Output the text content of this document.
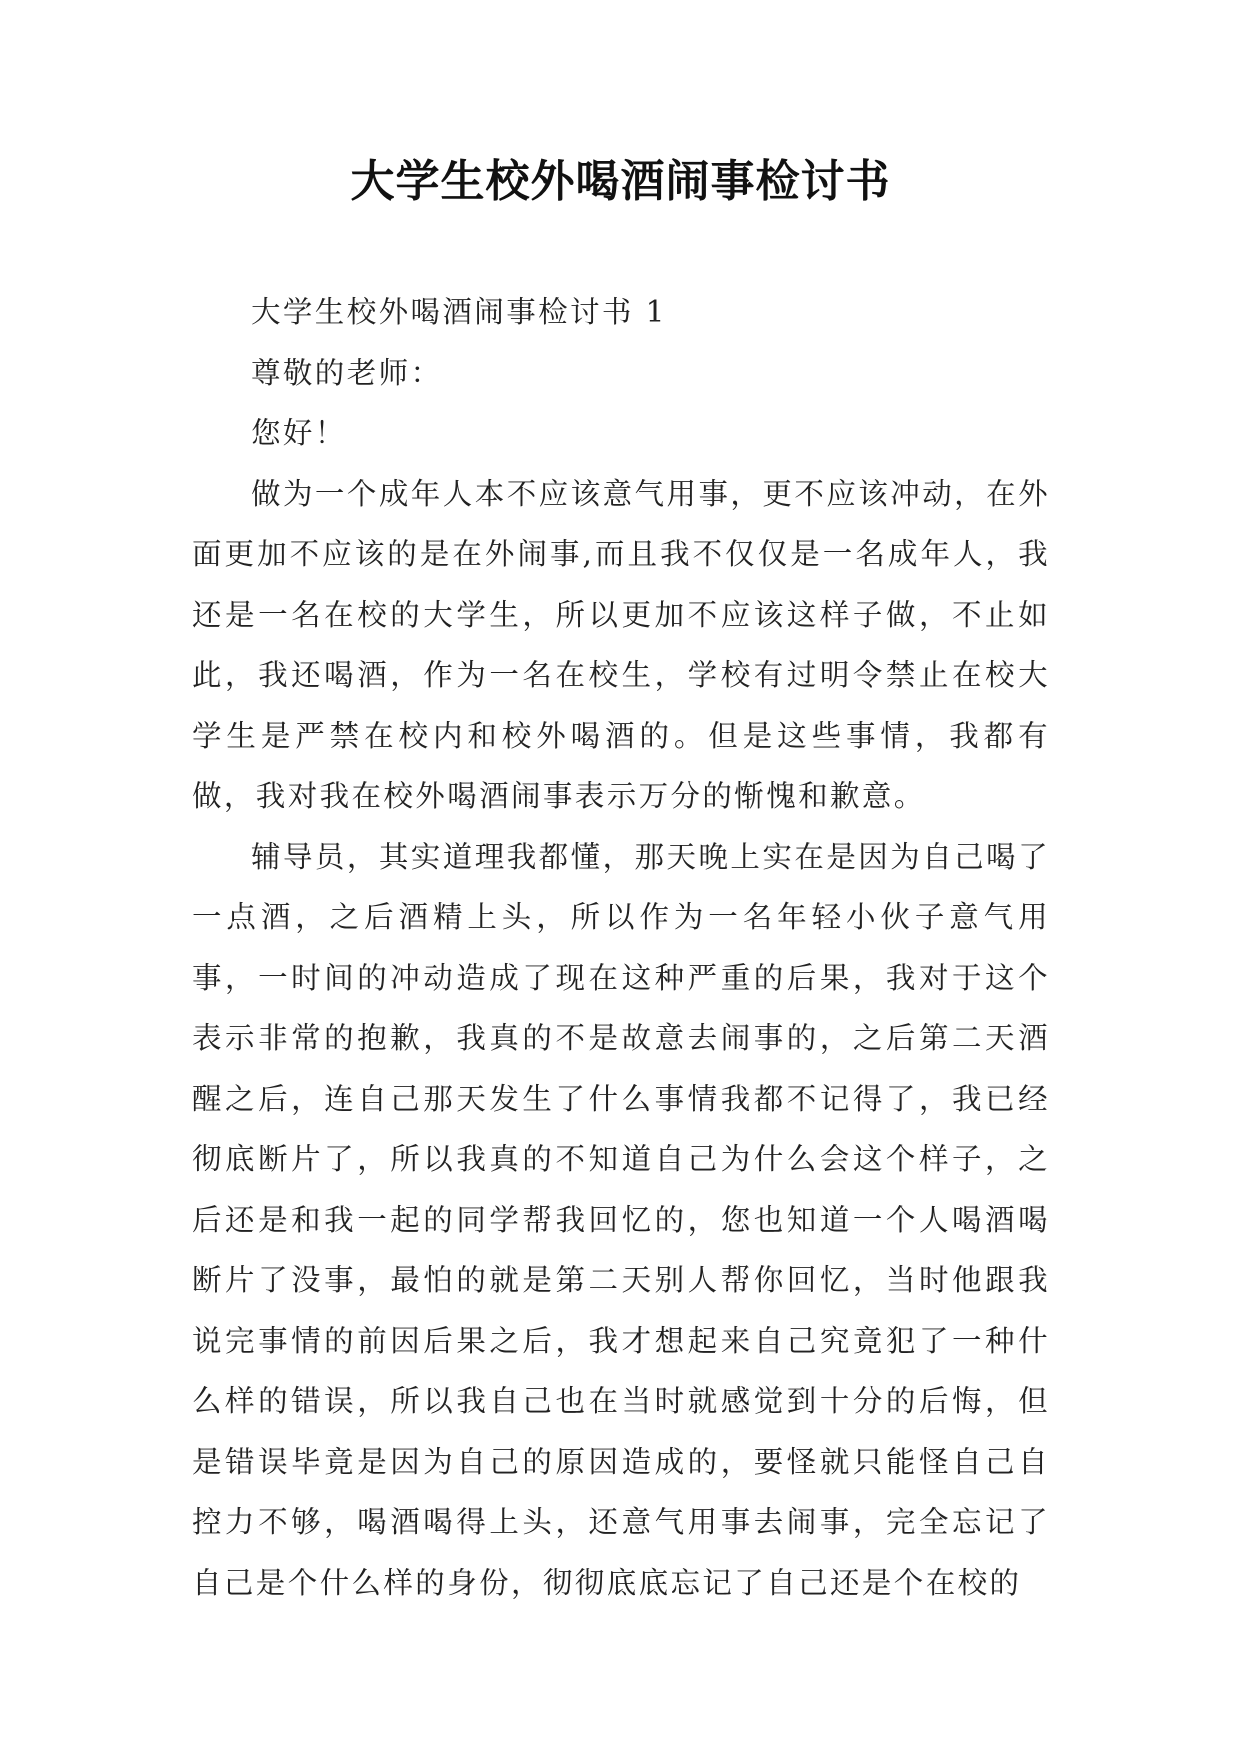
大学生校外喝酒闹事检讨书

大学生校外喝酒闹事检讨书 1

尊敬的老师：

您好！

做为一个成年人本不应该意气用事，更不应该冲动，在外面更加不应该的是在外闹事,而且我不仅仅是一名成年人，我还是一名在校的大学生，所以更加不应该这样子做，不止如此，我还喝酒，作为一名在校生，学校有过明令禁止在校大学生是严禁在校内和校外喝酒的。但是这些事情，我都有做，我对我在校外喝酒闹事表示万分的惭愧和歉意。

辅导员，其实道理我都懂，那天晚上实在是因为自己喝了一点酒，之后酒精上头，所以作为一名年轻小伙子意气用事，一时间的冲动造成了现在这种严重的后果，我对于这个表示非常的抱歉，我真的不是故意去闹事的，之后第二天酒醒之后，连自己那天发生了什么事情我都不记得了，我已经彻底断片了，所以我真的不知道自己为什么会这个样子，之后还是和我一起的同学帮我回忆的，您也知道一个人喝酒喝断片了没事，最怕的就是第二天别人帮你回忆，当时他跟我说完事情的前因后果之后，我才想起来自己究竟犯了一种什么样的错误，所以我自己也在当时就感觉到十分的后悔，但是错误毕竟是因为自己的原因造成的，要怪就只能怪自己自控力不够，喝酒喝得上头，还意气用事去闹事，完全忘记了自己是个什么样的身份，彻彻底底忘记了自己还是个在校的
